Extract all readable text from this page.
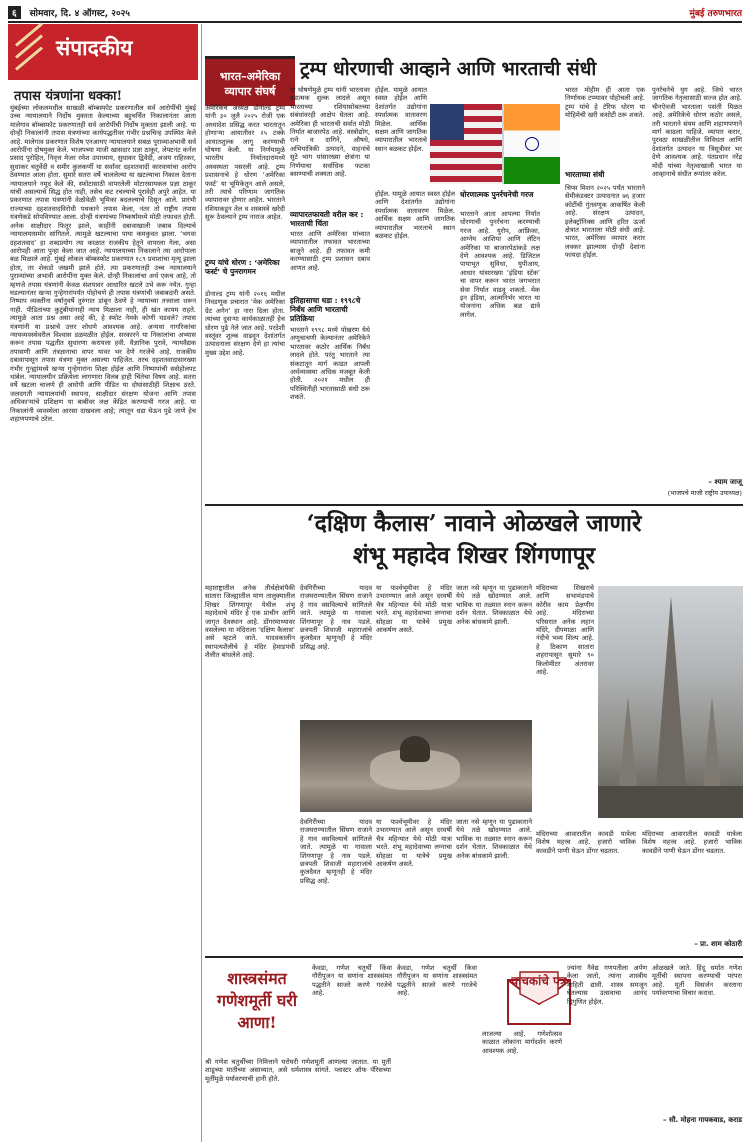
६ सोमवार, दि. ४ ऑगस्ट, २०२५	मुंबई तरुणभारत
संपादकीय
तपास यंत्रणांना धक्का!
मुंबईच्या लोकलमधील साखळी बॉम्बस्फोट प्रकरणातील सर्व आरोपींची मुंबई उच्च न्यायालयाने निर्दोष मुक्तता केल्याच्या बहुचर्चित निकालानंतर आता मालेगाव बॉम्बस्फोट प्रकरणातही सर्व आरोपींची निर्दोष मुक्तता झाली आहे. या दोन्ही निकालांनी तपास यंत्रणांच्या कार्यपद्धतीवर गंभीर प्रश्नचिन्ह उपस्थित केले आहे. मालेगाव प्रकरणात विशेष एनआयए न्यायालयाने सबळ पुराव्याअभावी सर्व आरोपींना दोषमुक्त केले. भाजपच्या माजी खासदार प्रज्ञा ठाकूर, लेफ्टनंट कर्नल प्रसाद पुरोहित, निवृत्त मेजर रमेश उपाध्याय, सुधाकर द्विवेदी, अजय राहिरकर, सुधाकर चतुर्वेदी व समीर कुलकर्णी या सर्वांवर दहशतवादी कारवायांचा आरोप ठेवण्यात आला होता. सुमारे सतरा वर्षे चाललेल्या या खटल्याचा निकाल देताना न्यायालयाने नमूद केले की, स्फोटासाठी वापरलेली मोटारसायकल प्रज्ञा ठाकूर यांची असल्याचे सिद्ध होत नाही, तसेच कट रचल्याचे पुरावेही अपुरे आहेत. या प्रकरणात तपास यंत्रणांनी वेळोवेळी भूमिका बदलल्याचे दिसून आले. प्रारंभी राज्याच्या दहशतवादविरोधी पथकाने तपास केला, नंतर तो राष्ट्रीय तपास यंत्रणेकडे सोपविण्यात आला. दोन्ही यंत्रणांच्या निष्कर्षांमध्ये मोठी तफावत होती. अनेक साक्षीदार फितूर झाले, काहींनी दबावाखाली जबाब दिल्याचे न्यायालयासमोर सांगितले. त्यामुळे खटल्याचा पाया कमकुवत झाला. ‘भगवा दहशतवाद’ हा शब्दप्रयोग त्या काळात राजकीय हेतूने वापरला गेला, असा आरोपही आता पुन्हा केला जात आहे. न्यायालयाच्या निकालाने त्या आरोपाला बळ मिळाले आहे. मुंबई लोकल बॉम्बस्फोट प्रकरणात १८९ प्रवाशांचा मृत्यू झाला होता, तर शेकडो जखमी झाले होते. त्या प्रकरणातही उच्च न्यायालयाने पुराव्यांच्या अभावी आरोपींना मुक्त केले. दोन्ही निकालांचा अर्थ एकच आहे, तो म्हणजे तपास यंत्रणांनी केवळ संशयावर आधारित खटले उभे करू नयेत. गुन्हा घडल्यानंतर खऱ्या गुन्हेगारांपर्यंत पोहोचणे ही तपास यंत्रणांची जबाबदारी असते. निष्पाप व्यक्तींना वर्षानुवर्षे तुरुंगात डांबून ठेवणे हे न्यायाच्या तत्त्वाला धरून नाही. पीडितांच्या कुटुंबीयांनाही न्याय मिळाला नाही, ही खंत कायम राहते. त्यामुळे आता प्रश्न असा आहे की, हे स्फोट नेमके कोणी घडवले? तपास यंत्रणांनी या प्रश्नाचे उत्तर शोधणे आवश्यक आहे. अन्यथा नागरिकांचा न्यायव्यवस्थेवरील विश्वास डळमळीत होईल. सरकारने या निकालांचा अभ्यास करून तपास पद्धतीत सुधारणा करायला हवी. वैज्ञानिक पुरावे, न्यायवैद्यक तपासणी आणि तंत्रज्ञानाचा वापर यावर भर देणे गरजेचे आहे. राजकीय दबावापासून तपास यंत्रणा मुक्त असल्या पाहिजेत. तरच दहशतवादासारख्या गंभीर गुन्ह्यांमध्ये खऱ्या गुन्हेगारांना शिक्षा होईल आणि निष्पापांची ससेहोलपट थांबेल. न्यायालयीन प्रक्रियेला लागणारा विलंब हाही चिंतेचा विषय आहे. सतरा वर्षे खटला चालणे ही आरोपी आणि पीडित या दोघांसाठीही शिक्षाच ठरते. जलदगती न्यायालयांची स्थापना, साक्षीदार संरक्षण योजना आणि तपास अधिकाऱ्यांचे प्रशिक्षण या बाबींवर लक्ष केंद्रित करण्याची गरज आहे. या निकालांनी व्यवस्थेला आरसा दाखवला आहे; त्यातून धडा घेऊन पुढे जाणे हेच शहाणपणाचे ठरेल.
भारत–अमेरिका व्यापार संघर्ष
ट्रम्प धोरणाची आव्हाने आणि भारताची संधी
अमेरिकेचे अध्यक्ष डोनाल्ड ट्रम्प यांनी ३० जुलै २०२५ रोजी एक अध्यादेश प्रसिद्ध करत भारतातून होणाऱ्या आयातीवर २५ टक्के आयातशुल्क लागू करण्याची घोषणा केली. या निर्णयामुळे भारतीय निर्यातदारांमध्ये अस्वस्थता पसरली आहे. ट्रम्प प्रशासनाचे हे धोरण ‘अमेरिका फर्स्ट’ या भूमिकेतून आले असले, तरी त्याचे परिणाम जागतिक व्यापारावर होणार आहेत. भारताने रशियाकडून तेल व शस्त्रास्त्रे खरेदी सुरू ठेवल्याने ट्रम्प नाराज आहेत.
ट्रम्प यांचे धोरण : ‘अमेरिका फर्स्ट’ चे पुनरागमन
डोनाल्ड ट्रम्प यांनी २०१६ मधील निवडणूक प्रचारात ‘मेक अमेरिका ग्रेट अगेन’ हा नारा दिला होता. त्यांच्या दुसऱ्या कार्यकाळातही हेच धोरण पुढे नेले जात आहे. परदेशी वस्तूंवर शुल्क वाढवून देशांतर्गत उत्पादनाला संरक्षण देणे हा त्यांचा मुख्य उद्देश आहे.
या घोषणेमुळे ट्रम्प यांनी भारतावर दंडात्मक शुल्क लादले असून भारताच्या रशियासोबतच्या संबंधांवरही आक्षेप घेतला आहे. अमेरिका ही भारताची सर्वात मोठी निर्यात बाजारपेठ आहे. वस्त्रोद्योग, रत्ने व दागिने, औषधे, अभियांत्रिकी उत्पादने, वाहनांचे सुटे भाग यांसारख्या क्षेत्रांना या निर्णयाचा सर्वाधिक फटका बसण्याची शक्यता आहे.
व्यापारतफावती वरील कर : भारताची चिंता
भारत आणि अमेरिका यांच्यात व्यापारातील तफावत भारताच्या बाजूने आहे. ही तफावत कमी करण्यासाठी ट्रम्प प्रशासन दबाव आणत आहे.
इतिहासाचा धडा : १९९८चे निर्बंध आणि भारताची प्रतिक्रिया
भारताने १९९८ मध्ये पोखरण येथे अणुचाचणी केल्यानंतर अमेरिकेने भारतावर कठोर आर्थिक निर्बंध लादले होते. परंतु भारताने त्या संकटातून मार्ग काढत आपली अर्थव्यवस्था अधिक मजबूत केली होती. २०२१ मधील ही परिस्थितीही भारतासाठी संधी ठरू शकते.
होईल. यामुळे आयात स्वस्त होईल आणि देशांतर्गत उद्योगांना स्पर्धात्मक वातावरण मिळेल. आर्थिक सक्षम आणि जागतिक व्यापारातील भारताचे स्थान बळकट होईल.
होईल. यामुळे आयात स्वस्त होईल आणि देशांतर्गत उद्योगांना स्पर्धात्मक वातावरण मिळेल. आर्थिक सक्षम आणि जागतिक व्यापारातील भारताचे स्थान बळकट होईल.
धोरणात्मक पुनर्रचनेची गरज
भारताने आता आपल्या निर्यात धोरणाची पुनर्रचना करण्याची गरज आहे. युरोप, आफ्रिका, आग्नेय आशिया आणि लॅटिन अमेरिका या बाजारपेठांकडे लक्ष देणे आवश्यक आहे. डिजिटल पायाभूत सुविधा, युपीआय, आधार यांसारख्या ‘इंडिया स्टॅक’ चा वापर करून भारत जगभरात सेवा निर्यात वाढवू शकतो. मेक इन इंडिया, आत्मनिर्भर भारत या योजनांना अधिक बळ द्यावे लागेल.
भारत मोहीम ही आता एक निर्णायक टप्प्यावर पोहोचली आहे. ट्रम्प यांचे हे टॅरिफ धोरण या मोहिमेची खरी कसोटी ठरू शकते.
भारताच्या संधी
चिप्स मिशन २०२५ पर्यंत भारताने सेमीकंडक्टर उत्पादनात ७६ हजार कोटींची गुंतवणूक आकर्षित केली आहे. संरक्षण उत्पादन, इलेक्ट्रॉनिक्स आणि हरित ऊर्जा क्षेत्रात भारताला मोठी संधी आहे. भारत, अमेरिका व्यापार करार लवकर झाल्यास दोन्ही देशांना फायदा होईल.
पुनर्रचनेचे युग आहे. जिथे भारत जागतिक नेतृत्वासाठी सज्ज होत आहे. चीनऐवजी भारताला पसंती मिळत आहे. अमेरिकेचे धोरण कठोर असले, तरी भारताने संयम आणि शहाणपणाने मार्ग काढला पाहिजे. व्यापार करार, पुरवठा साखळीतील विविधता आणि देशांतर्गत उत्पादन या त्रिसूत्रीवर भर देणे आवश्यक आहे. पंतप्रधान नरेंद्र मोदी यांच्या नेतृत्वाखाली भारत या आव्हानाचे संधीत रूपांतर करेल.
– श्याम जाजू
(भाजपचे माजी राष्ट्रीय उपाध्यक्ष)
‘दक्षिण कैलास’ नावाने ओळखले जाणारे
शंभू महादेव शिखर शिंगणापूर
महाराष्ट्रातील अनेक तीर्थक्षेत्रांपैकी सातारा जिल्ह्यातील माण तालुक्यातील शिखर शिंगणापूर येथील शंभू महादेवाचे मंदिर हे एक प्राचीन आणि जागृत देवस्थान आहे. डोंगरमाथ्यावर वसलेल्या या मंदिराला ‘दक्षिण कैलास’ असे म्हटले जाते. यादवकालीन स्थापत्यशैलीचे हे मंदिर हेमाडपंथी शैलीत बांधलेले आहे.
देवगिरीच्या यादव राजघराण्यातील सिंघण राजाने हे गाव वसविल्याचे सांगितले जाते. त्यामुळे या गावाला शिंगणापूर हे नाव पडले. छत्रपती शिवाजी महाराजांचे कुलदैवत म्हणूनही हे मंदिर प्रसिद्ध आहे.
या पार्श्वभूमीवर हे मंदिर उभारण्यात आले असून दरवर्षी चैत्र महिन्यात येथे मोठी यात्रा भरते. शंभू महादेवाच्या लग्नाचा सोहळा या यात्रेचे प्रमुख आकर्षण असते.
जाता नसे म्हणून या पुढाकाराने येथे तळे खोदण्यात आले. भाविक या तळ्यात स्नान करून दर्शन घेतात. शिवकाळात येथे अनेक बांधकामे झाली.
मंदिराच्या शिखराचे आणि सभामंडपाचे कोरीव काम प्रेक्षणीय आहे. मंदिराच्या परिसरात अनेक लहान मंदिरे, दीपमाळा आणि नंदीचे भव्य शिल्प आहे. हे ठिकाण सातारा शहरापासून सुमारे ९० किलोमीटर अंतरावर आहे.
देवगिरीच्या यादव राजघराण्यातील सिंघण राजाने हे गाव वसविल्याचे सांगितले जाते. त्यामुळे या गावाला शिंगणापूर हे नाव पडले. छत्रपती शिवाजी महाराजांचे कुलदैवत म्हणूनही हे मंदिर प्रसिद्ध आहे.
या पार्श्वभूमीवर हे मंदिर उभारण्यात आले असून दरवर्षी चैत्र महिन्यात येथे मोठी यात्रा भरते. शंभू महादेवाच्या लग्नाचा सोहळा या यात्रेचे प्रमुख आकर्षण असते.
जाता नसे म्हणून या पुढाकाराने येथे तळे खोदण्यात आले. भाविक या तळ्यात स्नान करून दर्शन घेतात. शिवकाळात येथे अनेक बांधकामे झाली.
मंदिराच्या आवारातील कावडी यात्रेला विशेष महत्त्व आहे. हजारो भाविक कावडीने पाणी घेऊन डोंगर चढतात.
मंदिराच्या आवारातील कावडी यात्रेला विशेष महत्त्व आहे. हजारो भाविक कावडीने पाणी घेऊन डोंगर चढतात.
– प्रा. शाम कोठारी
शास्त्रसंमत गणेशमूर्ती घरी आणा!
श्री गणेश चतुर्थीच्या निमित्ताने घरोघरी गणेशमूर्ती आणल्या जातात. या मूर्ती शाडूच्या मातीच्या असाव्यात, असे धर्मशास्त्र सांगते. प्लास्टर ऑफ पॅरिसच्या मूर्तींमुळे पर्यावरणाची हानी होते.
केवडा, गणेश चतुर्थी किंवा गौरीपूजन या सणांना शास्त्रसंमत पद्धतीने साजरे करणे गरजेचे आहे.
केवडा, गणेश चतुर्थी किंवा गौरीपूजन या सणांना शास्त्रसंमत पद्धतीने साजरे करणे गरजेचे आहे.
लाजल्या आहे. गणेशोत्सव काळात लोकांना मार्गदर्शन करणे आवश्यक आहे.
वाचकांचे पत्र
ज्यांना नैवेद्य गणपतीला अर्पण केला जातो, त्यांना शास्त्रीय माहिती द्यावी. शास्त्र समजून घेतल्यास उत्सवाचा आनंद द्विगुणित होईल.
ओळखले जाते. हिंदू धर्मात गणेश मूर्तीची स्थापना करण्याची परंपरा आहे. मूर्ती विसर्जन करताना पर्यावरणाचा विचार करावा.
– सौ. मोहना गायकवाड, कराड
